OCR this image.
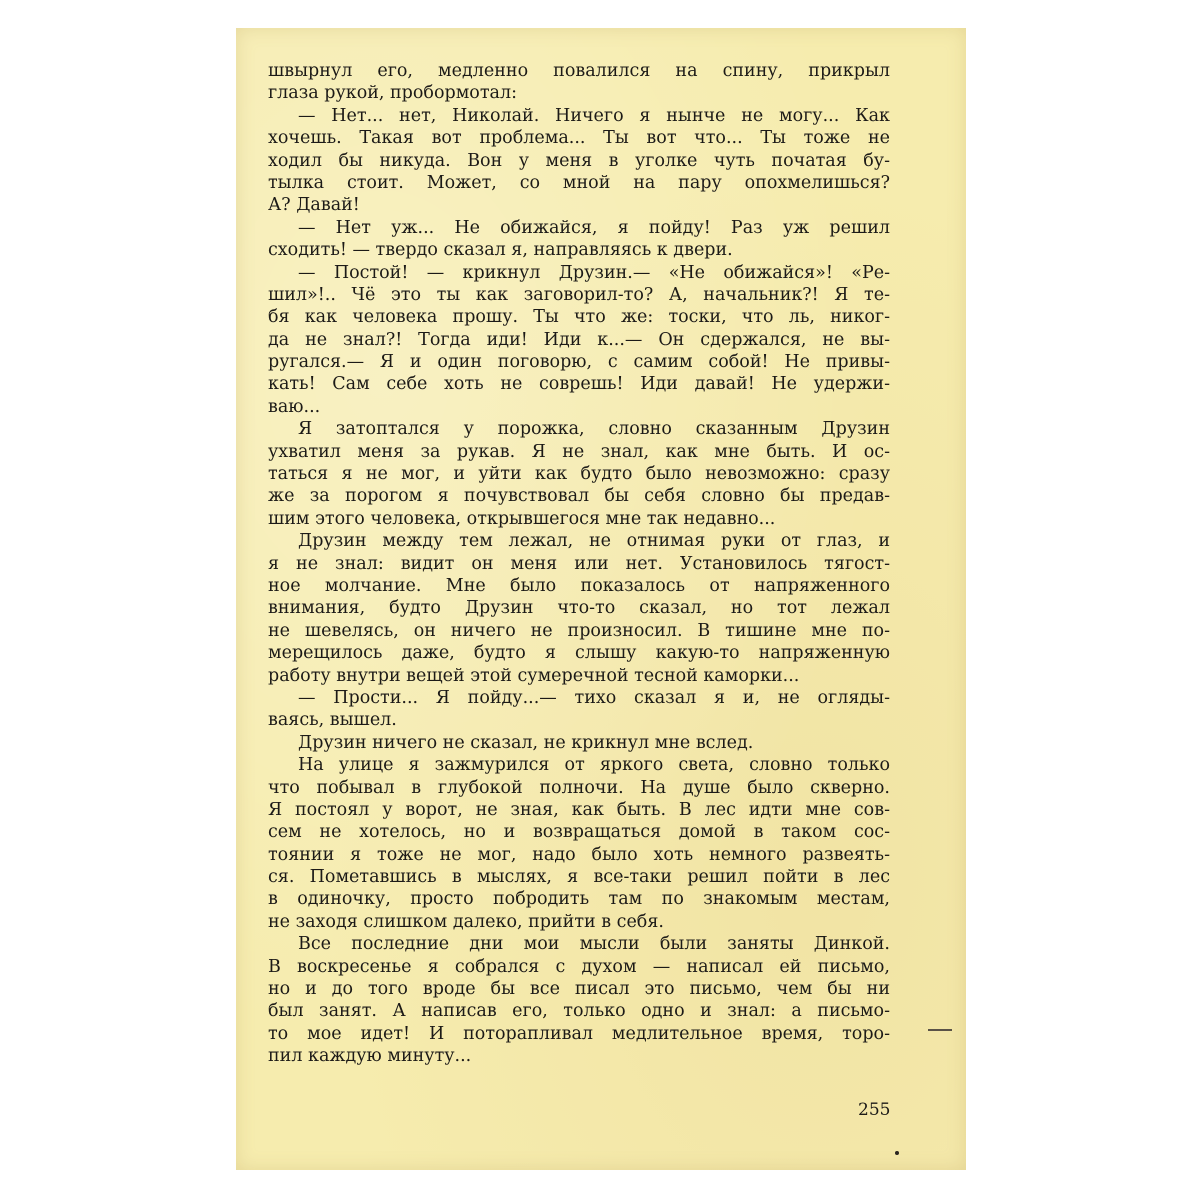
швырнул его, медленно повалился на спину, прикрыл
глаза рукой, пробормотал:
— Нет... нет, Николай. Ничего я нынче не могу... Как
хочешь. Такая вот проблема... Ты вот что... Ты тоже не
ходил бы никуда. Вон у меня в уголке чуть початая бу-
тылка стоит. Может, со мной на пару опохмелишься?
А? Давай!
— Нет уж... Не обижайся, я пойду! Раз уж решил
сходить! — твердо сказал я, направляясь к двери.
— Постой! — крикнул Друзин.— «Не обижайся»! «Ре-
шил»!.. Чё это ты как заговорил-то? А, начальник?! Я те-
бя как человека прошу. Ты что же: тоски, что ль, никог-
да не знал?! Тогда иди! Иди к...— Он сдержался, не вы-
ругался.— Я и один поговорю, с самим собой! Не привы-
кать! Сам себе хоть не соврешь! Иди давай! Не удержи-
ваю...
Я затоптался у порожка, словно сказанным Друзин
ухватил меня за рукав. Я не знал, как мне быть. И ос-
таться я не мог, и уйти как будто было невозможно: сразу
же за порогом я почувствовал бы себя словно бы предав-
шим этого человека, открывшегося мне так недавно...
Друзин между тем лежал, не отнимая руки от глаз, и
я не знал: видит он меня или нет. Установилось тягост-
ное молчание. Мне было показалось от напряженного
внимания, будто Друзин что-то сказал, но тот лежал
не шевелясь, он ничего не произносил. В тишине мне по-
мерещилось даже, будто я слышу какую-то напряженную
работу внутри вещей этой сумеречной тесной каморки...
— Прости... Я пойду...— тихо сказал я и, не огляды-
ваясь, вышел.
Друзин ничего не сказал, не крикнул мне вслед.
На улице я зажмурился от яркого света, словно только
что побывал в глубокой полночи. На душе было скверно.
Я постоял у ворот, не зная, как быть. В лес идти мне сов-
сем не хотелось, но и возвращаться домой в таком сос-
тоянии я тоже не мог, надо было хоть немного развеять-
ся. Пометавшись в мыслях, я все-таки решил пойти в лес
в одиночку, просто побродить там по знакомым местам,
не заходя слишком далеко, прийти в себя.
Все последние дни мои мысли были заняты Динкой.
В воскресенье я собрался с духом — написал ей письмо,
но и до того вроде бы все писал это письмо, чем бы ни
был занят. А написав его, только одно и знал: а письмо-
то мое идет! И поторапливал медлительное время, торо-
пил каждую минуту...
255
